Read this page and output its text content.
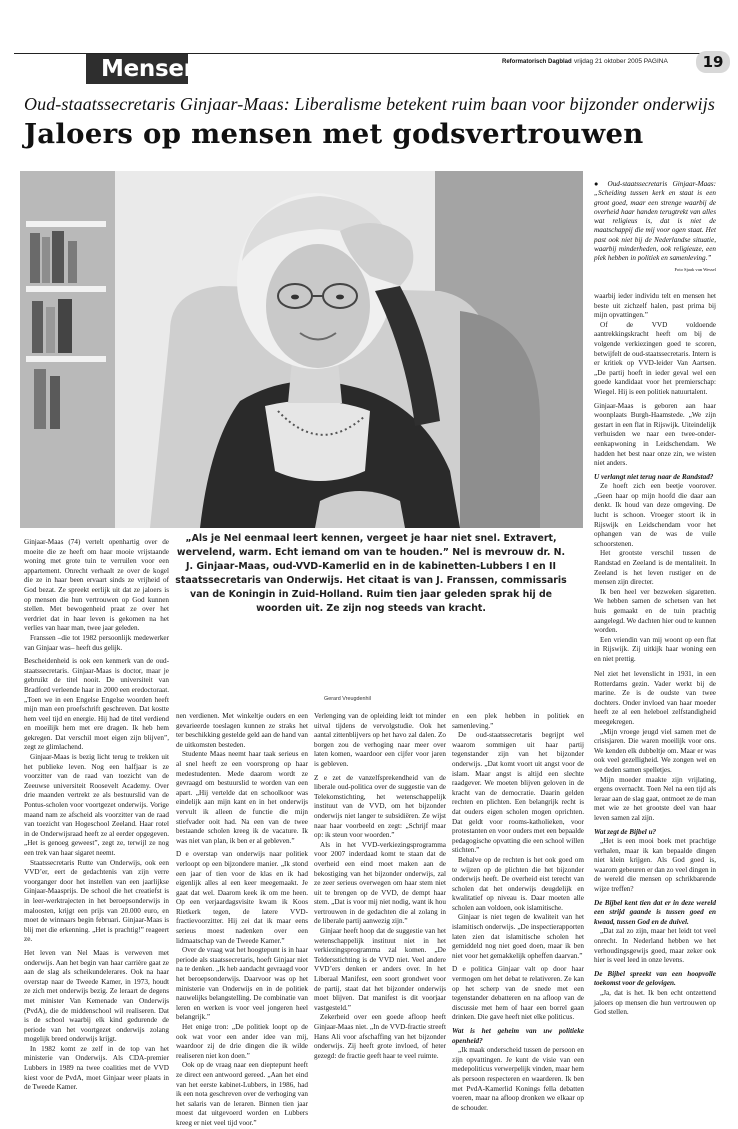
Mensen	Reformatorisch Dagblad vrijdag 21 oktober 2005 PAGINA	19
Oud-staatssecretaris Ginjaar-Maas: Liberalisme betekent ruim baan voor bijzonder onderwijs
Jaloers op mensen met godsvertrouwen
„Als je Nel eenmaal leert kennen, vergeet je haar niet snel. Extravert, wervelend, warm. Echt iemand om van te houden.” Nel is mevrouw dr. N. J. Ginjaar-Maas, oud-VVD-Kamerlid en in de kabinetten-Lubbers I en II staatssecretaris van Onderwijs. Het citaat is van J. Franssen, commissaris van de Koningin in Zuid-Holland. Ruim tien jaar geleden sprak hij de woorden uit. Ze zijn nog steeds van kracht.
Gerard Vreugdenhil
● Oud-staatssecretaris Ginjaar-Maas: „Scheiding tussen kerk en staat is een groot goed, maar een strenge waarbij de overheid haar handen terugtrekt van alles wat religieus is, dat is niet de maatschappij die mij voor ogen staat. Het past ook niet bij de Nederlandse situatie, waarbij minderheden, ook religieuze, een plek hebben in politiek en samenleving.”
Foto Sjaak van Wessel

Ginjaar-Maas (74) vertelt openhartig over de moeite die ze heeft om haar mooie vrijstaande woning met grote tuin te verruilen voor een appartement. Onrecht verhaalt ze over de kogel die ze in haar been ervaart sinds ze vrijheid of God bezat. Ze spreekt eerlijk uit dat ze jaloers is op mensen die hun vertrouwen op God kunnen stellen. Met bewogenheid praat ze over het verdriet dat in haar leven is gekomen na het verlies van haar man, twee jaar geleden.

Franssen –die tot 1982 persoonlijk medewerker van Ginjaar was– heeft dus gelijk.

Bescheidenheid is ook een kenmerk van de oud-staatssecretaris. Ginjaar-Maas is doctor, maar je gebruikt de titel nooit. De universiteit van Bradford verleende haar in 2000 een eredoctoraat. „Toen we in een Engelse Engelse woorden heeft mijn man een proefschrift geschreven. Dat kostte hem veel tijd en energie. Hij had de titel verdiend en moeilijk hem met ere dragen. Ik heb hem gekregen. Dat verschil moet eigen zijn blijven”, zegt ze glimlachend.

Ginjaar-Maas is bezig licht terug te trekken uit het publieke leven. Nog een halfjaar is ze voorzitter van de raad van toezicht van de Zeeuwse universiteit Roosevelt Academy. Over drie maanden vertrekt ze als bestuurslid van de Pontus-scholen voor voortgezet onderwijs. Vorige maand nam ze afscheid als voorzitter van de raad van toezicht van Hogeschool Zeeland. Haar rotel in de Onderwijsraad heeft ze al eerder opgegeven. „Het is genoeg geweest”, zegt ze, terwijl ze nog een trek van haar sigaret neemt.

Staatssecretaris Rutte van Onderwijs, ook een VVD’er, eert de gedachtenis van zijn verre voorganger door het instellen van een jaarlijkse Ginjaar-Maasprijs. De school die het creatiefst is in leer-werktrajecten in het beroepsonderwijs in maloosten, krijgt een prijs van 20.000 euro, en moet de winnaars begin februari. Ginjaar-Maas is blij met die erkenning. „Het is prachtig!” reageert ze.

Het leven van Nel Maas is verweven met onderwijs. Aan het begin van haar carrière gaat ze aan de slag als scheikundelerares. Ook na haar overstap naar de Tweede Kamer, in 1973, houdt ze zich met onderwijs bezig. Ze leraart de degens met minister Van Kemenade van Onderwijs (PvdA), die de middenschool wil realiseren. Dat is de school waarbij elk kind gedurende de periode van het voortgezet onderwijs zolang mogelijk breed onderwijs krijgt.

In 1982 komt ze zelf in de top van het ministerie van Onderwijs. Als CDA-premier Lubbers in 1989 na twee coalities met de VVD kiest voor de PvdA, moet Ginjaar weer plaats in de Tweede Kamer.

nen verdienen. Met winkeltje ouders en een gevarieerde toeslagen kunnen ze straks het ter beschikking gestelde geld aan de hand van de uitkomsten besteden.

Studente Maas neemt haar taak serieus en al snel heeft ze een voorsprong op haar medestudenten. Mede daarom wordt ze gevraagd om bestuurslid te worden van een apart. „Hij vertelde dat en schoolkoor was eindelijk aan mijn kant en in het onderwijs vervult ik alleen de functie die mijn stiefvader ooit had. Na een van de twee bestaande scholen kreeg ik de vacature. Ik was niet van plan, ik ben er al gebleven.”

D e overstap van onderwijs naar politiek verloopt op een bijzondere manier. „Ik stond een jaar of tien voor de klas en ik had eigenlijk alles al een keer meegemaakt. Je gaat dat wel. Daarom keek ik om me heen. Op een verjaardagsvisite kwam ik Koos Rietkerk tegen, de latere VVD-fractievoorzitter. Hij zei dat ik maar eens serieus moest nadenken over een lidmaatschap van de Tweede Kamer.”

Over de vraag wat het hoogtepunt is in haar periode als staatssecretaris, hoeft Ginjaar niet na te denken. „Ik heb aandacht gevraagd voor het beroepsonderwijs. Daarvoor was op het ministerie van Onderwijs en in de politiek nauwelijks belangstelling. De combinatie van leren en werken is voor veel jongeren heel belangrijk.”

Het enige tron: „De politiek loopt op de ook wat voor een ander idee van mij, waardoor zij de drie dingen die ik wilde realiseren niet kon doen.”

Ook op de vraag naar een dieptepunt heeft ze direct een antwoord gereed. „Aan het eind van het eerste kabinet-Lubbers, in 1986, had ik een nota geschreven over de verhoging van het salaris van de leraren. Binnen tien jaar moest dat uitgevoerd worden en Lubbers kreeg er niet veel tijd voor.”

Verlenging van de opleiding leidt tot minder uitval tijdens de vervolgstudie. Ook het aantal zittenblijvers op het havo zal dalen. Zo borgen zou de verhoging naar meer over laten komen, waardoor een cijfer voor jaren is gebleven.

Z e zet de vanzelfsprekendheid van de liberale oud-politica over de suggestie van de Telekomstichting, het wetenschappelijk instituut van de VVD, om het bijzonder onderwijs niet langer te subsidiëren. Ze wijst naar haar voorbeeld en zegt: „Schrijf maar op: ik steun voor woorden.”

Als in het VVD-verkiezingsprogramma voor 2007 inderdaad komt te staan dat de overheid een eind moet maken aan de bekostiging van het bijzonder onderwijs, zal ze zeer serieus overwegen om haar stem niet uit te brengen op de VVD, de dempt haar stem. „Dat is voor mij niet nodig, want ik hou vertrouwen in de gedachten die al zolang in de liberale partij aanwezig zijn.”

Ginjaar heeft hoop dat de suggestie van het wetenschappelijk instituut niet in het verkiezingsprogramma zal komen. „De Teldersstichting is de VVD niet. Veel andere VVD’ers denken er anders over. In het Liberaal Manifest, een soort grondwet voor de partij, staat dat het bijzonder onderwijs moet blijven. Dat manifest is dit voorjaar vastgesteld.”

Zekerheid over een goede afloop heeft Ginjaar-Maas niet. „In de VVD-fractie streeft Hans Ali voor afschaffing van het bijzonder onderwijs. Zij heeft grote invloed, of heter gezegd: de fractie geeft haar te veel ruimte.

en een plek hebben in politiek en samenleving.”

De oud-staatssecretaris begrijpt wel waarom sommigen uit haar partij tegenstander zijn van het bijzonder onderwijs. „Dat komt voort uit angst voor de islam. Maar angst is altijd een slechte raadgever. We moeten blijven geloven in de kracht van de democratie. Daarin gelden rechten en plichten. Een belangrijk recht is dat ouders eigen scholen mogen oprichten. Dat geldt voor rooms-katholieken, voor protestanten en voor ouders met een bepaalde pedagogische opvatting die een school willen stichten.”

Behalve op de rechten is het ook goed om te wijzen op de plichten die het bijzonder onderwijs heeft. De overheid eist terecht van scholen dat het onderwijs deugdelijk en kwalitatief op niveau is. Daar moeten alle scholen aan voldoen, ook islamitische.

Ginjaar is niet tegen de kwaliteit van het islamitisch onderwijs. „De inspectierapporten laten zien dat islamitische scholen het gemiddeld nog niet goed doen, maar ik ben niet voor het gemakkelijk opheffen daarvan.”

D e politica Ginjaar valt op door haar vermogen om het debat te relativeren. Ze kan op het scherp van de snede met een tegenstander debatteren en na afloop van de discussie met hem of haar een borrel gaan drinken. Die gave heeft niet elke politicus.

Wat is het geheim van uw politieke openheid?

„Ik maak onderscheid tussen de persoon en zijn opvattingen. Je kunt de visie van een medepoliticus verwerpelijk vinden, maar hem als persoon respecteren en waarderen. Ik ben met PvdA-Kamerlid Konings fella debatten voeren, maar na afloop dronken we elkaar op de schouder.

waarbij ieder individu telt en mensen het beste uit zichzelf halen, past prima bij mijn opvattingen.”

Of de VVD voldoende aantrekkingskracht heeft om bij de volgende verkiezingen goed te scoren, betwijfelt de oud-staatssecretaris. Intern is er kritiek op VVD-leider Van Aartsen. „De partij hoeft in ieder geval wel een goede kandidaat voor het premierschap: Wiegel. Hij is een politiek natuurtalent.

Ginjaar-Maas is geboren aan haar woonplaats Burgh-Haamstede. „We zijn gestart in een flat in Rijswijk. Uiteindelijk verhuisden we naar een twee-onder-eenkapwoning in Leidschendam. We hadden het best naar onze zin, we wisten niet anders.

U verlangt niet terug naar de Randstad?

Ze hoeft zich een beetje voorover. „Geen haar op mijn hoofd die daar aan denkt. Ik houd van deze omgeving. De lucht is schoon. Vroeger stoort ik in Rijswijk en Leidschendam voor het ophangen van de was de vuile schoorstenen.

Het grootste verschil tussen de Randstad en Zeeland is de mentaliteit. In Zeeland is het leven rustiger en de mensen zijn directer.

Ik ben heel ver bezweken sigaretten. We hebben samen de schetsen van het huis gemaakt en de tuin prachtig aangelegd. We dachten hier oud te kunnen worden.

Een vriendin van mij woont op een flat in Rijswijk. Zij uitkijk haar woning een en niet prettig.

Nel ziet het levenslicht in 1931, in een Rotterdams gezin. Vader werkt bij de marine. Ze is de oudste van twee dochters. Onder invloed van haar moeder heeft ze al een heleboel zelfstandigheid meegekregen.

„Mijn vroege jeugd viel samen met de crisisjaren. Die waren moeilijk voor ons. We kenden elk dubbeltje om. Maar er was ook veel gezelligheid. We zongen wel en we deden samen spelletjes.

Mijn moeder maakte zijn vrijlating, ergens overnacht. Toen Nel na een tijd als leraar aan de slag gaat, ontmoet ze de man met wie ze het grootste deel van haar leven samen zal zijn.

Wat zegt de Bijbel u?

„Het is een mooi boek met prachtige verhalen, maar ik kan bepaalde dingen niet klein krijgen. Als God goed is, waarom gebeuren er dan zo veel dingen in de wereld die mensen op schrikbarende wijze treffen?

De Bijbel kent tien dat er in deze wereld een strijd gaande is tussen goed en kwaad, tussen God en de duivel.

„Dat zal zo zijn, maar het leidt tot veel onrecht. In Nederland hebben we het verhoudingsgewijs goed, maar zeker ook hier is veel leed in onze levens.

De Bijbel spreekt van een hoopvolle toekomst voor de gelovigen.

„Ja, dat is het. Ik ben echt ontzettend jaloers op mensen die hun vertrouwen op God stellen.
